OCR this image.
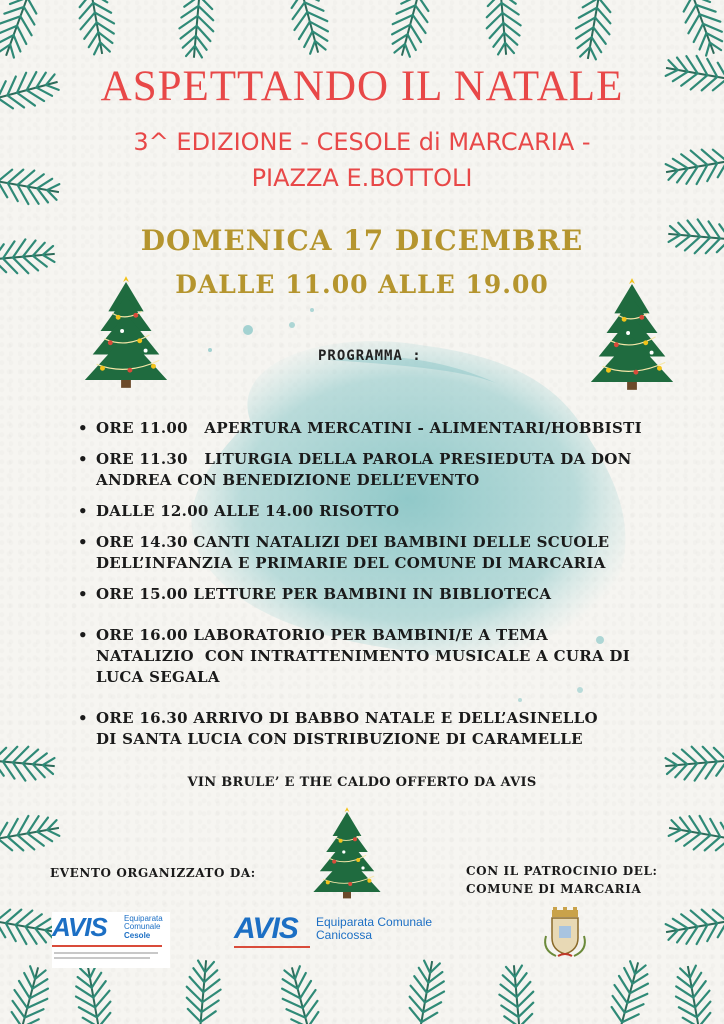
ASPETTANDO IL NATALE

3^ EDIZIONE - CESOLE di MARCARIA -

PIAZZA E.BOTTOLI

DOMENICA 17 DICEMBRE

DALLE 11.00 ALLE 19.00

PROGRAMMA :
• ORE 11.00   APERTURA MERCATINI - ALIMENTARI/HOBBISTI
• ORE 11.30   LITURGIA DELLA PAROLA PRESIEDUTA DA DON
ANDREA CON BENEDIZIONE DELL’EVENTO
• DALLE 12.00 ALLE 14.00 RISOTTO
• ORE 14.30 CANTI NATALIZI DEI BAMBINI DELLE SCUOLE
DELL’INFANZIA E PRIMARIE DEL COMUNE DI MARCARIA
• ORE 15.00 LETTURE PER BAMBINI IN BIBLIOTECA
• ORE 16.00 LABORATORIO PER BAMBINI/E A TEMA
NATALIZIO  CON INTRATTENIMENTO MUSICALE A CURA DI
LUCA SEGALA
• ORE 16.30 ARRIVO DI BABBO NATALE E DELL’ASINELLO
DI SANTA LUCIA CON DISTRIBUZIONE DI CARAMELLE
VIN BRULE’ E THE CALDO OFFERTO DA AVIS
EVENTO ORGANIZZATO DA:	CON IL PATROCINIO DEL:
COMUNE DI MARCARIA
AVIS Equiparata
Comunale
Cesole	AVIS Equiparata Comunale
Canicossa
